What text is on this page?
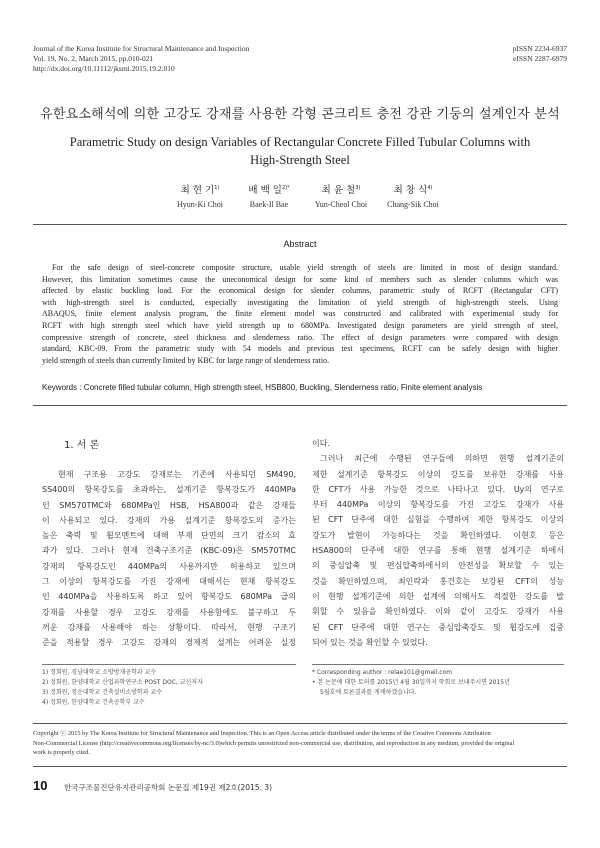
Journal of the Korea Institute for Structural Maintenance and Inspection
Vol. 19, No. 2, March 2015, pp.010-021
http://dx.doi.org/10.11112/jksmi.2015.19.2.010
pISSN 2234-6937
eISSN 2287-6979
유한요소해석에 의한 고강도 강재를 사용한 각형 콘크리트 충전 강관 기둥의 설계인자 분석
Parametric Study on design Variables of Rectangular Concrete Filled Tubular Columns with
High-Strength Steel
최 현 기$^{1)}$
Hyun-Ki Choi
배 백 일$^{2)*}$
Baek-Il Bae
최 윤 철$^{3)}$
Yun-Cheol Choi
최 창 식$^{4)}$
Chang-Sik Choi
Abstract
For the safe design of steel-concrete composite structure, usable yield strength of steels are limited in most of design standard.
However, this limitation sometimes cause the uneconomical design for some kind of members such as slender columns which was
affected by elastic buckling load. For the economical design for slender columns, parametric study of RCFT (Rectangular CFT)
with high-strength steel is conducted, especially investigating the limitation of yield strength of high-strength steels. Using
ABAQUS, finite element analysis program, the finite element model was constructed and calibrated with experimental study for
RCFT with high strength steel which have yield strength up to 680MPa. Investigated design parameters are yield strength of steel,
compressive strength of concrete, steel thickness and slenderness ratio. The effect of design parameters were compared with design
standard, KBC-09. From the parametric study with 54 models and previous test specimens, RCFT can be safely design with higher
yield strength of steels than currently limited by KBC for large range of slenderness ratio.
Keywords : Concrete filled tubular column, High strength steel, HSB800, Buckling, Slenderness ratio, Finite element analysis
1. 서 론
현재 구조용 고강도 강재로는 기존에 사용되던 SM490,
SS400의 항복강도를 초과하는, 설계기준 항복강도가 440MPa
인 SM570TMC와 680MPa인 HSB, HSA800과 같은 강재들
이 사용되고 있다. 강재의 가용 설계기준 항복강도의 증가는
높은 축력 및 휨모멘트에 대해 부재 단면의 크기 감소의 효
과가 있다. 그러나 현재 건축구조기준 (KBC-09)은 SM570TMC
강재의 항복강도인 440MPa의 사용까지만 허용하고 있으며
그 이상의 항복강도를 가진 강재에 대해서는 현재 항복강도
인 440MPa을 사용하도록 하고 있어 항복강도 680MPa 급의
강재를 사용할 경우 고강도 강재를 사용함에도 불구하고 두
꺼운 강재를 사용해야 하는 상황이다. 따라서, 현행 구조기
준을 적용할 경우 고강도 강재의 경제적 설계는 어려운 실정
이다.
그러나 최근에 수행된 연구들에 의하면 현행 설계기준의
제한 설계기준 항복강도 이상의 강도를 보유한 강재를 사용
한 CFT가 사용 가능한 것으로 나타나고 있다. Uy의 연구로
부터 440MPa 이상의 항복강도를 가진 고강도 강재가 사용
된 CFT 단주에 대한 실험을 수행하여 제한 항복강도 이상의
강도가 발현이 가능하다는 것을 확인하였다. 이현호 등은
HSA800의 단주에 대한 연구를 통해 현행 설계기준 하에서
의 중심압축 및 편심압축하에서의 안전성을 확보할 수 있는
것을 확인하였으며, 최인락과 홍건호는 보강된 CFT의 성능
이 현행 설계기준에 의한 설계에 의해서도 적절한 강도를 발
휘할 수 있음을 확인하였다. 이와 같이 고강도 강재가 사용
된 CFT 단주에 대한 연구는 중심압축강도 및 휨강도에 집중
되어 있는 것을 확인할 수 있었다.
1) 정회원, 경남대학교 소방방재공학과 교수
2) 정회원, 한양대학교 산업과학연구소 POST DOC, 교신저자
3) 정회원, 청운대학교 건축설비소방학과 교수
4) 정회원, 한양대학교 건축공학부 교수
* Corresponding author : relae101@gmail.com
• 본 논문에 대한 토의를 2015년 4월 30일까지 학회로 보내주시면 2015년
5월호에 토론결과를 게재하겠습니다.
Copyright ⓒ 2015 by The Korea Institute for Structural Maintenance and Inspection. This is an Open Access article distributed under the terms of the Creative Commons Attribution
Non-Commercial License (http://creativecommons.org/licenses/by-nc/3.0)which permits unrestricted non-commercial use, distribution, and reproduction in any medium, provided the original
work is properly cited.
10 한국구조물진단유지관리공학회 논문집 제19권 제2호(2015. 3)
